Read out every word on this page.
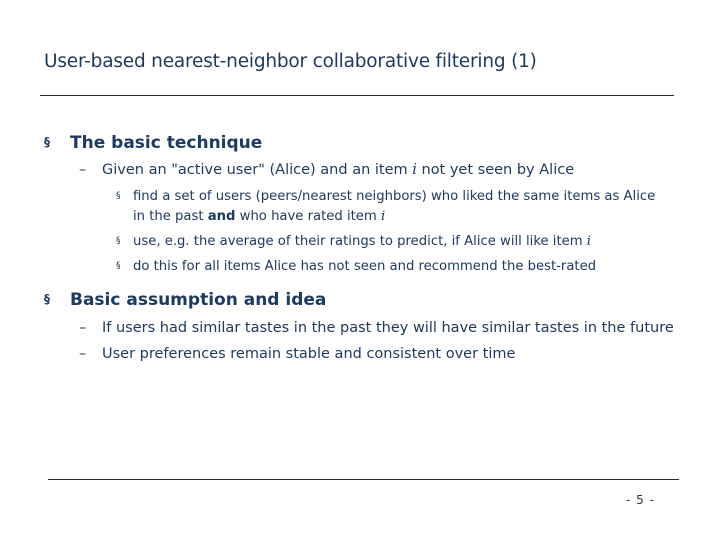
User-based nearest-neighbor collaborative filtering (1)
§ The basic technique
– Given an "active user" (Alice) and an item i not yet seen by Alice
§ find a set of users (peers/nearest neighbors) who liked the same items as Alice
in the past and who have rated item i
§ use, e.g. the average of their ratings to predict, if Alice will like item i
§ do this for all items Alice has not seen and recommend the best-rated
§ Basic assumption and idea
– If users had similar tastes in the past they will have similar tastes in the future
– User preferences remain stable and consistent over time
- 5 -
